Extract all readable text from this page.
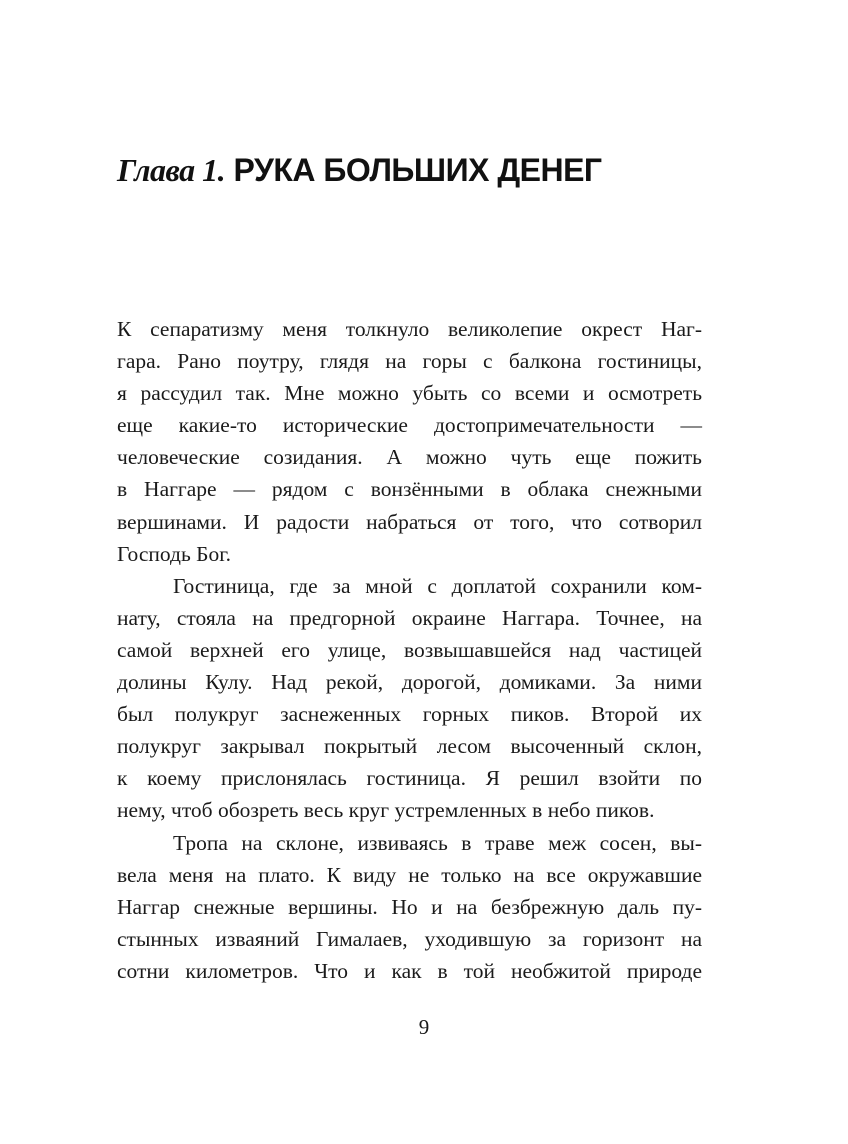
Глава 1. РУКА БОЛЬШИХ ДЕНЕГ
К сепаратизму меня толкнуло великолепие окрест Наг-
гара. Рано поутру, глядя на горы с балкона гостиницы,
я рассудил так. Мне можно убыть со всеми и осмотреть
еще какие-то исторические достопримечательности —
человеческие созидания. А можно чуть еще пожить
в Наггаре — рядом с вонзёнными в облака снежными
вершинами. И радости набраться от того, что сотворил
Господь Бог.
Гостиница, где за мной с доплатой сохранили ком-
нату, стояла на предгорной окраине Наггара. Точнее, на
самой верхней его улице, возвышавшейся над частицей
долины Кулу. Над рекой, дорогой, домиками. За ними
был полукруг заснеженных горных пиков. Второй их
полукруг закрывал покрытый лесом высоченный склон,
к коему прислонялась гостиница. Я решил взойти по
нему, чтоб обозреть весь круг устремленных в небо пиков.
Тропа на склоне, извиваясь в траве меж сосен, вы-
вела меня на плато. К виду не только на все окружавшие
Наггар снежные вершины. Но и на безбрежную даль пу-
стынных изваяний Гималаев, уходившую за горизонт на
сотни километров. Что и как в той необжитой природе
9
